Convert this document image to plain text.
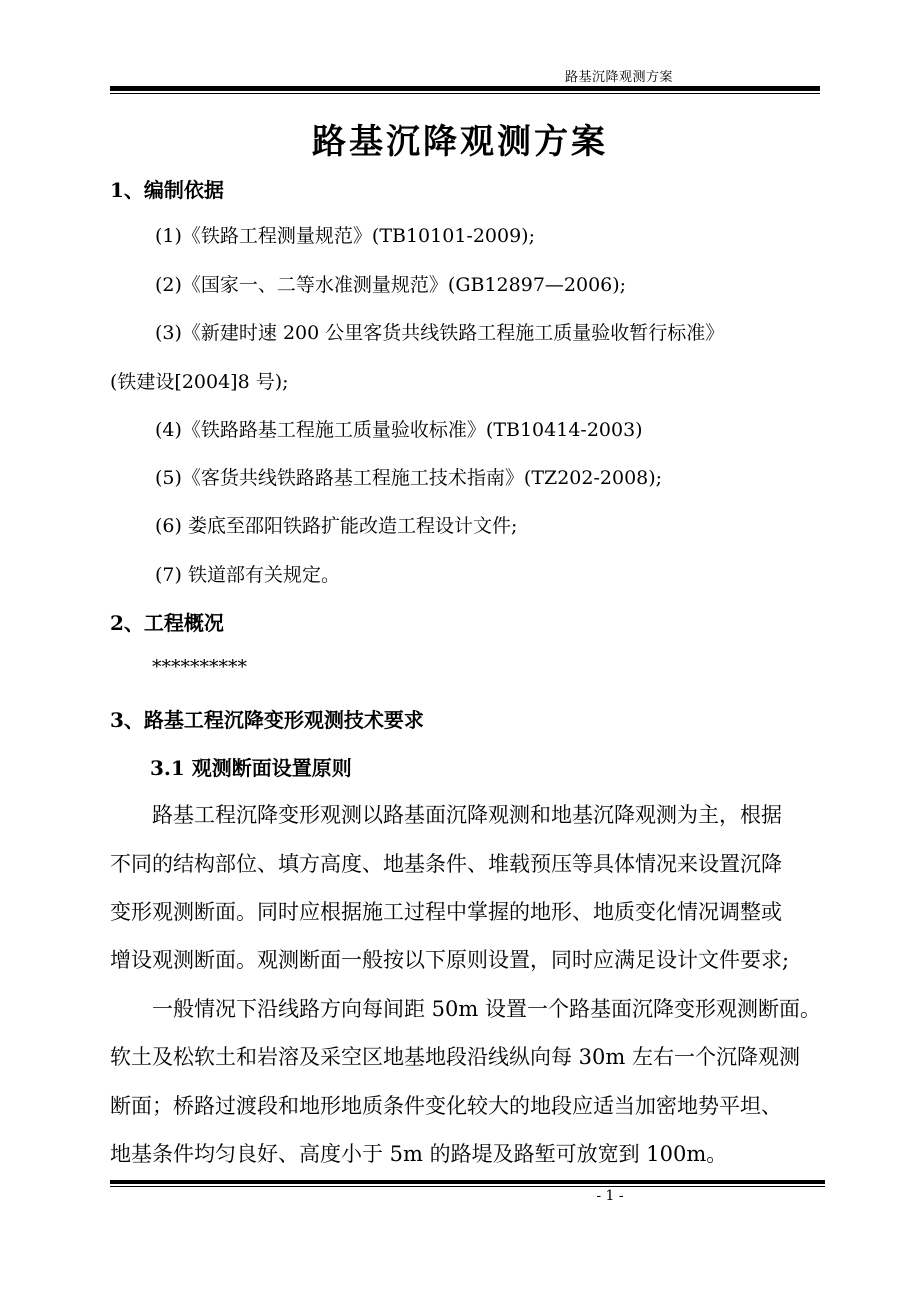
路基沉降观测方案
路基沉降观测方案
1、编制依据
(1)《铁路工程测量规范》(TB10101-2009);
(2)《国家一、二等水准测量规范》(GB12897—2006);
(3)《新建时速 200 公里客货共线铁路工程施工质量验收暂行标准》
(铁建设[2004]8 号);
(4)《铁路路基工程施工质量验收标准》(TB10414-2003)
(5)《客货共线铁路路基工程施工技术指南》(TZ202-2008);
(6) 娄底至邵阳铁路扩能改造工程设计文件;
(7) 铁道部有关规定。
2、工程概况
**********
3、路基工程沉降变形观测技术要求
3.1 观测断面设置原则
路基工程沉降变形观测以路基面沉降观测和地基沉降观测为主，根据
不同的结构部位、填方高度、地基条件、堆载预压等具体情况来设置沉降
变形观测断面。同时应根据施工过程中掌握的地形、地质变化情况调整或
增设观测断面。观测断面一般按以下原则设置，同时应满足设计文件要求;
一般情况下沿线路方向每间距 50m 设置一个路基面沉降变形观测断面。
软土及松软土和岩溶及采空区地基地段沿线纵向每 30m 左右一个沉降观测
断面；桥路过渡段和地形地质条件变化较大的地段应适当加密地势平坦、
地基条件均匀良好、高度小于 5m 的路堤及路堑可放宽到 100m。
- 1 -
